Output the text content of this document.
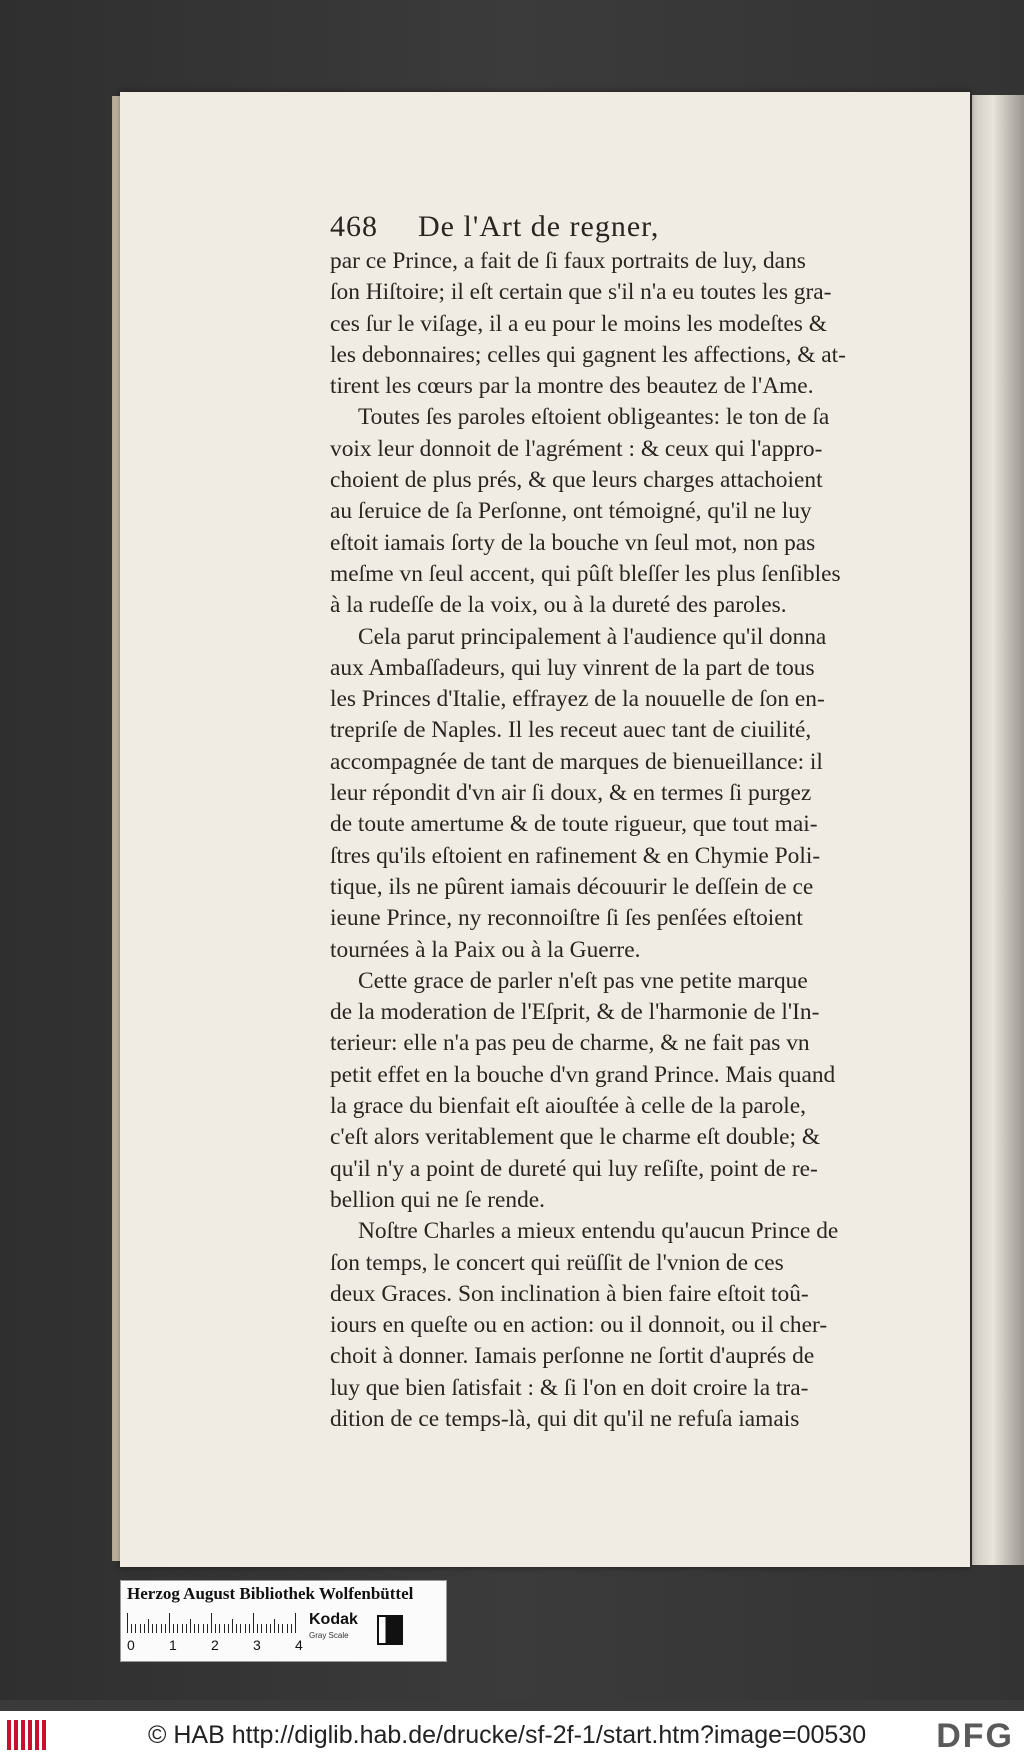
468 De l'Art de regner,
par ce Prince, a fait de ſi faux portraits de luy, dans
ſon Hiſtoire; il eſt certain que s'il n'a eu toutes les gra-
ces ſur le viſage, il a eu pour le moins les modeſtes &
les debonnaires; celles qui gagnent les affections, & at-
tirent les cœurs par la montre des beautez de l'Ame.
Toutes ſes paroles eſtoient obligeantes: le ton de ſa
voix leur donnoit de l'agrément : & ceux qui l'appro-
choient de plus prés, & que leurs charges attachoient
au ſeruice de ſa Perſonne, ont témoigné, qu'il ne luy
eſtoit iamais ſorty de la bouche vn ſeul mot, non pas
meſme vn ſeul accent, qui pûſt bleſſer les plus ſenſibles
à la rudeſſe de la voix, ou à la dureté des paroles.
Cela parut principalement à l'audience qu'il donna
aux Ambaſſadeurs, qui luy vinrent de la part de tous
les Princes d'Italie, effrayez de la nouuelle de ſon en-
trepriſe de Naples. Il les receut auec tant de ciuilité,
accompagnée de tant de marques de bienueillance: il
leur répondit d'vn air ſi doux, & en termes ſi purgez
de toute amertume & de toute rigueur, que tout mai-
ſtres qu'ils eſtoient en rafinement & en Chymie Poli-
tique, ils ne pûrent iamais découurir le deſſein de ce
ieune Prince, ny reconnoiſtre ſi ſes penſées eſtoient
tournées à la Paix ou à la Guerre.
Cette grace de parler n'eſt pas vne petite marque
de la moderation de l'Eſprit, & de l'harmonie de l'In-
terieur: elle n'a pas peu de charme, & ne fait pas vn
petit effet en la bouche d'vn grand Prince. Mais quand
la grace du bienfait eſt aiouſtée à celle de la parole,
c'eſt alors veritablement que le charme eſt double; &
qu'il n'y a point de dureté qui luy reſiſte, point de re-
bellion qui ne ſe rende.
Noſtre Charles a mieux entendu qu'aucun Prince de
ſon temps, le concert qui reüſſit de l'vnion de ces
deux Graces. Son inclination à bien faire eſtoit toû-
iours en queſte ou en action: ou il donnoit, ou il cher-
choit à donner. Iamais perſonne ne ſortit d'auprés de
luy que bien ſatisfait : & ſi l'on en doit croire la tra-
dition de ce temps-là, qui dit qu'il ne refuſa iamais
Herzog August Bibliothek Wolfenbüttel
0 1 2 3 4
Kodak
Gray Scale
© HAB http://diglib.hab.de/drucke/sf-2f-1/start.htm?image=00530 DFG
